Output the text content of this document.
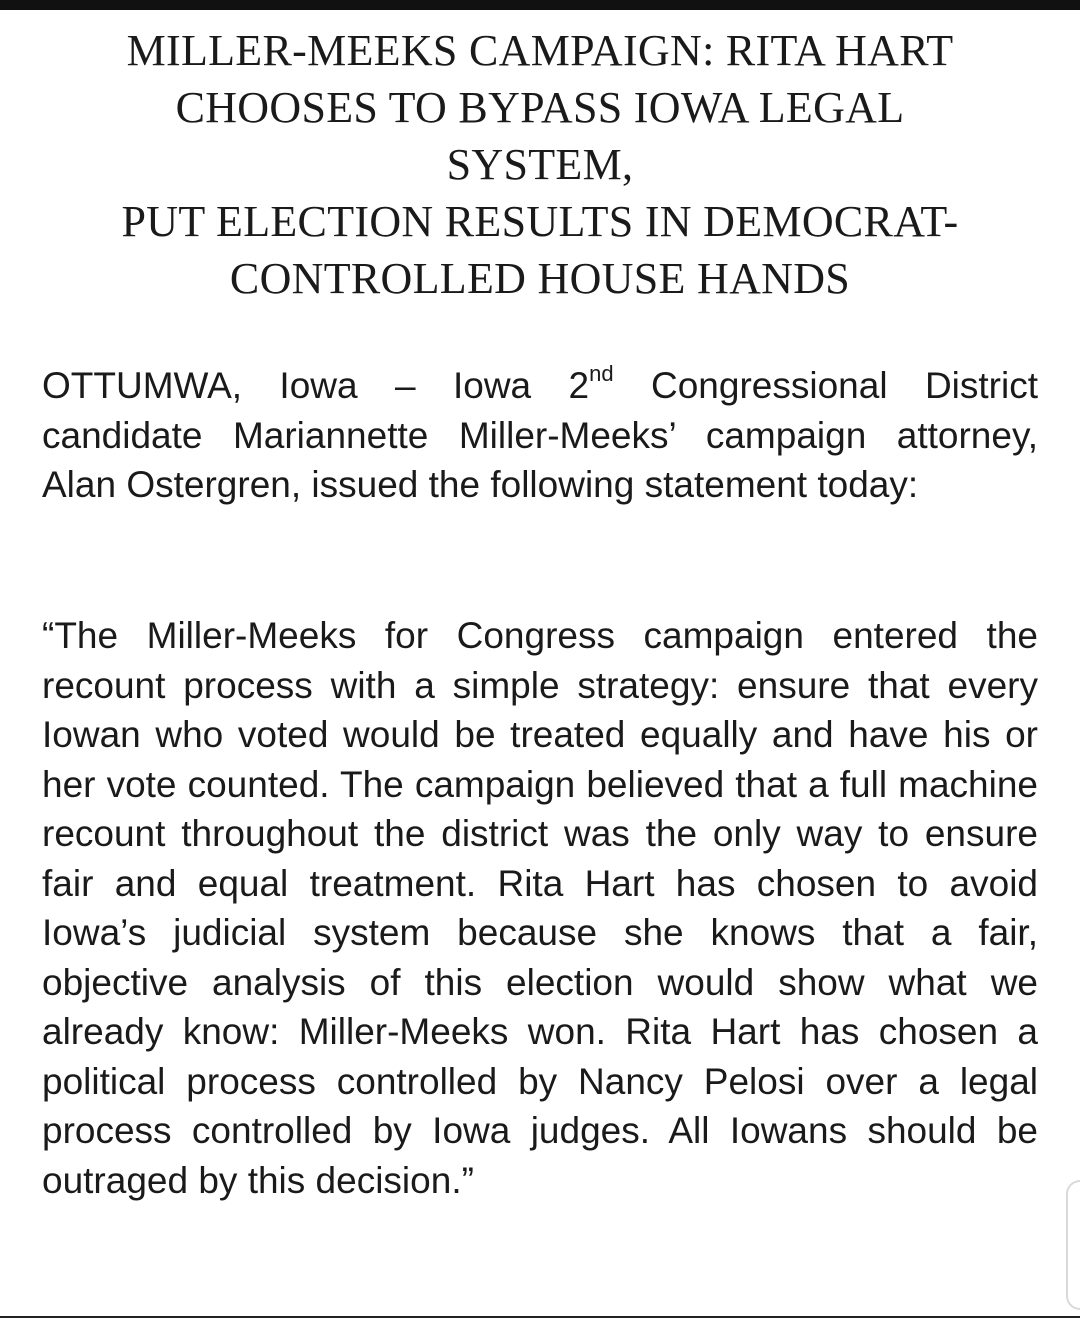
MILLER-MEEKS CAMPAIGN: RITA HART
CHOOSES TO BYPASS IOWA LEGAL
SYSTEM,
PUT ELECTION RESULTS IN DEMOCRAT-
CONTROLLED HOUSE HANDS

OTTUMWA, Iowa – Iowa 2nd Congressional District candidate Mariannette Miller-Meeks’ campaign attorney, Alan Ostergren, issued the following statement today:

“The Miller-Meeks for Congress campaign entered the recount process with a simple strategy: ensure that every Iowan who voted would be treated equally and have his or her vote counted. The campaign believed that a full machine recount throughout the district was the only way to ensure fair and equal treatment. Rita Hart has chosen to avoid Iowa’s judicial system because she knows that a fair, objective analysis of this election would show what we already know: Miller-Meeks won. Rita Hart has chosen a political process controlled by Nancy Pelosi over a legal process controlled by Iowa judges. All Iowans should be outraged by this decision.”
